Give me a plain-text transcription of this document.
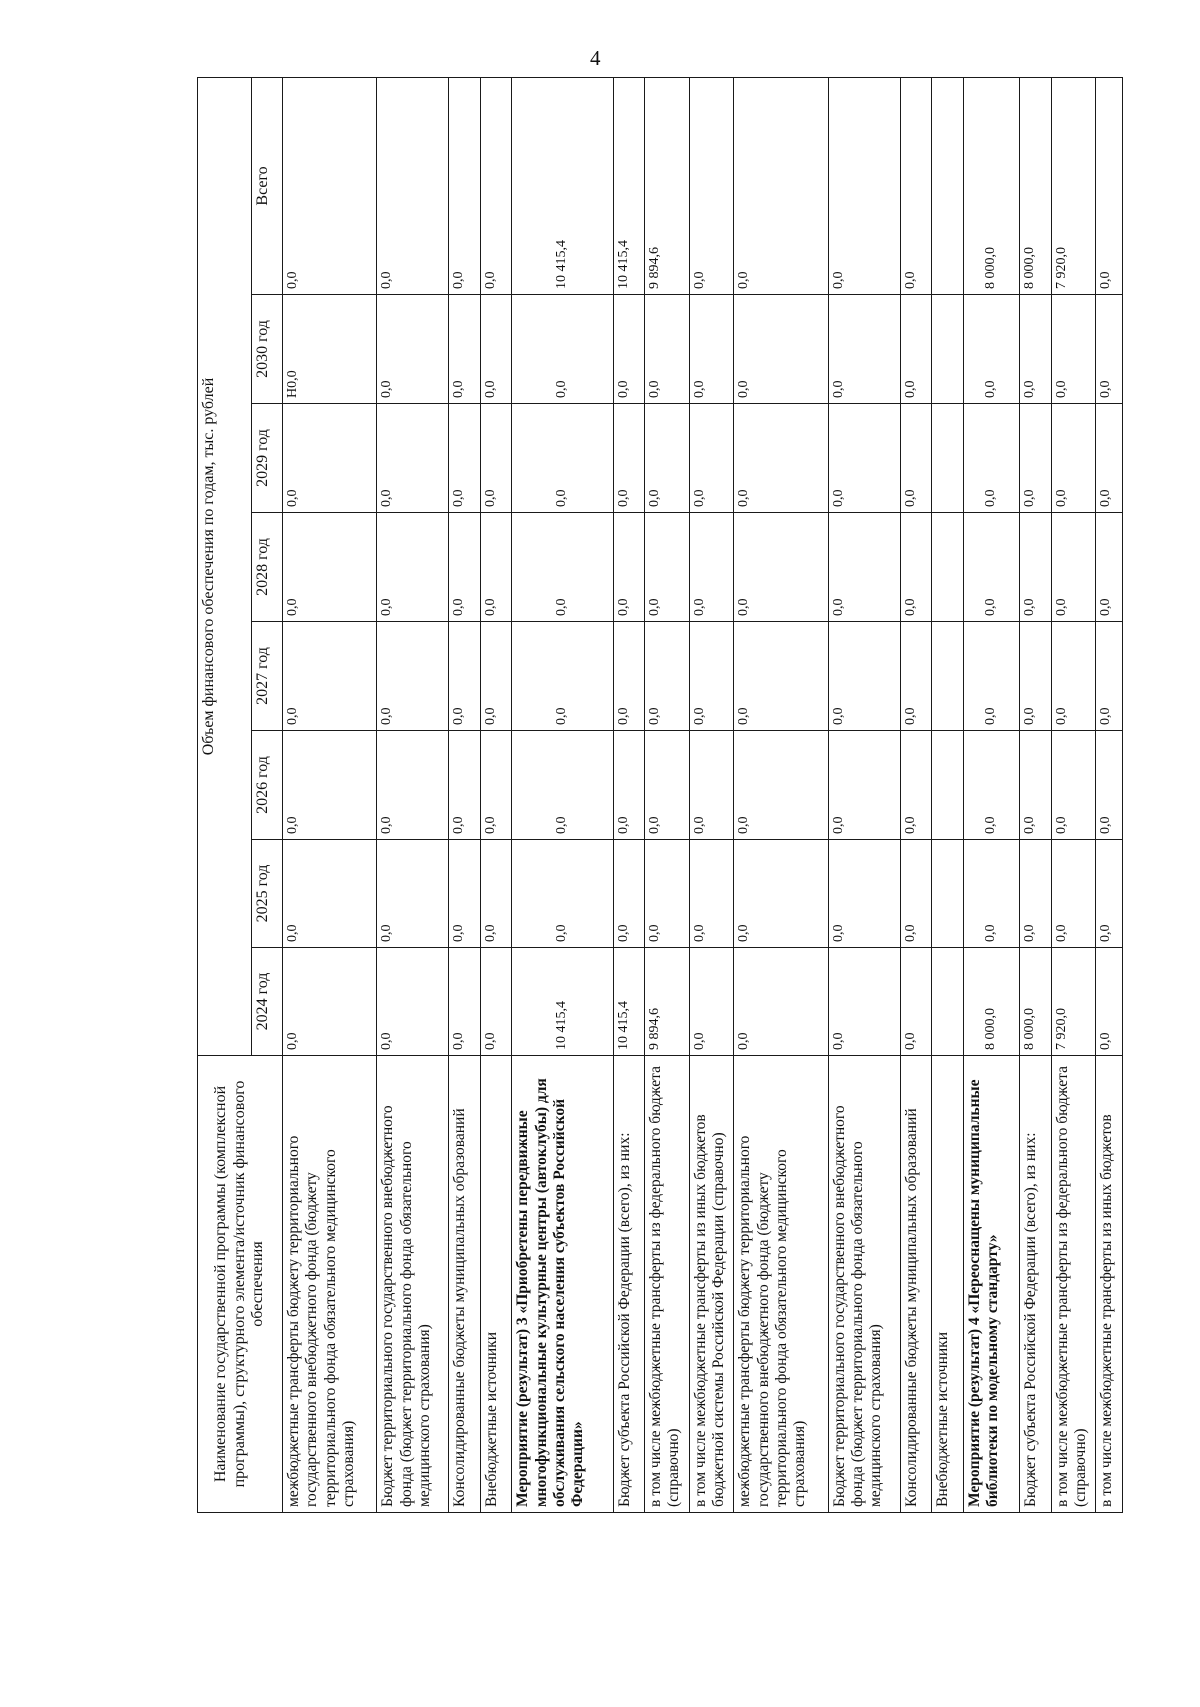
4
Наименование государственной программы (комплексной программы), структурного элемента/источник финансового обеспечения	Объем финансового обеспечения по годам, тыс. рублей							
	2024 год	2025 год	2026 год	2027 год	2028 год	2029 год	2030 год	Всего
межбюджетные трансферты бюджету территориального государственного внебюджетного фонда (бюджету территориального фонда обязательного медицинского страхования)	0,0	0,0	0,0	0,0	0,0	0,0	Н0,0	0,0
Бюджет территориального государственного внебюджетного фонда (бюджет территориального фонда обязательного медицинского страхования)	0,0	0,0	0,0	0,0	0,0	0,0	0,0	0,0
Консолидированные бюджеты муниципальных образований	0,0	0,0	0,0	0,0	0,0	0,0	0,0	0,0
Внебюджетные источники	0,0	0,0	0,0	0,0	0,0	0,0	0,0	0,0
Мероприятие (результат) 3 «Приобретены передвижные многофункциональные культурные центры (автоклубы) для обслуживания сельского населения субъектов Российской Федерации»	10 415,4	0,0	0,0	0,0	0,0	0,0	0,0	10 415,4
Бюджет субъекта Российской Федерации (всего), из них:	10 415,4	0,0	0,0	0,0	0,0	0,0	0,0	10 415,4
в том числе межбюджетные трансферты из федерального бюджета (справочно)	9 894,6	0,0	0,0	0,0	0,0	0,0	0,0	9 894,6
в том числе межбюджетные трансферты из иных бюджетов бюджетной системы Российской Федерации (справочно)	0,0	0,0	0,0	0,0	0,0	0,0	0,0	0,0
межбюджетные трансферты бюджету территориального государственного внебюджетного фонда (бюджету территориального фонда обязательного медицинского страхования)	0,0	0,0	0,0	0,0	0,0	0,0	0,0	0,0
Бюджет территориального государственного внебюджетного фонда (бюджет территориального фонда обязательного медицинского страхования)	0,0	0,0	0,0	0,0	0,0	0,0	0,0	0,0
Консолидированные бюджеты муниципальных образований	0,0	0,0	0,0	0,0	0,0	0,0	0,0	0,0
Внебюджетные источники								
Мероприятие (результат) 4 «Переоснащены муниципальные библиотеки по модельному стандарту»	8 000,0	0,0	0,0	0,0	0,0	0,0	0,0	8 000,0
Бюджет субъекта Российской Федерации (всего), из них:	8 000,0	0,0	0,0	0,0	0,0	0,0	0,0	8 000,0
в том числе межбюджетные трансферты из федерального бюджета (справочно)	7 920,0	0,0	0,0	0,0	0,0	0,0	0,0	7 920,0
в том числе межбюджетные трансферты из иных бюджетов	0,0	0,0	0,0	0,0	0,0	0,0	0,0	0,0
